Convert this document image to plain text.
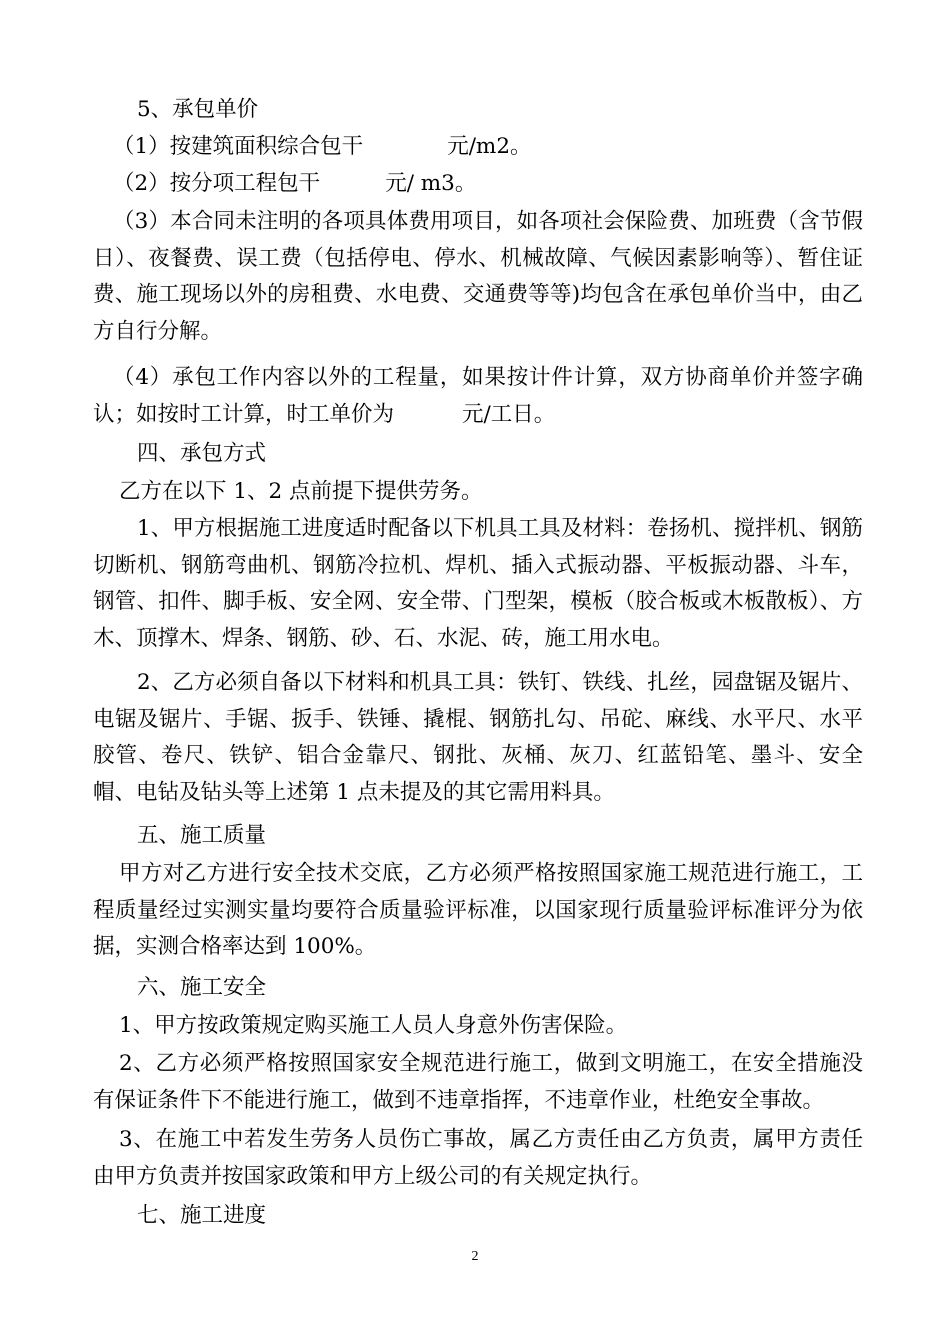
5、承包单价

（1）按建筑面积综合包干	元/m2。

（2）按分项工程包干	元/ m3。

（3）本合同未注明的各项具体费用项目，如各项社会保险费、加班费（含节假日）、夜餐费、误工费（包括停电、停水、机械故障、气候因素影响等）、暂住证费、施工现场以外的房租费、水电费、交通费等等)均包含在承包单价当中，由乙方自行分解。

（4）承包工作内容以外的工程量，如果按计件计算，双方协商单价并签字确认；如按时工计算，时工单价为	元/工日。

四、承包方式

乙方在以下 1、2 点前提下提供劳务。

1、甲方根据施工进度适时配备以下机具工具及材料：卷扬机、搅拌机、钢筋切断机、钢筋弯曲机、钢筋冷拉机、焊机、插入式振动器、平板振动器、斗车，钢管、扣件、脚手板、安全网、安全带、门型架，模板（胶合板或木板散板）、方木、顶撑木、焊条、钢筋、砂、石、水泥、砖，施工用水电。

2、乙方必须自备以下材料和机具工具：铁钉、铁线、扎丝，园盘锯及锯片、电锯及锯片、手锯、扳手、铁锤、撬棍、钢筋扎勾、吊砣、麻线、水平尺、水平胶管、卷尺、铁铲、铝合金靠尺、钢批、灰桶、灰刀、红蓝铅笔、墨斗、安全帽、电钻及钻头等上述第 1 点未提及的其它需用料具。

五、施工质量

甲方对乙方进行安全技术交底，乙方必须严格按照国家施工规范进行施工，工程质量经过实测实量均要符合质量验评标准，以国家现行质量验评标准评分为依据，实测合格率达到 100%。

六、施工安全

1、甲方按政策规定购买施工人员人身意外伤害保险。

2、乙方必须严格按照国家安全规范进行施工，做到文明施工，在安全措施没有保证条件下不能进行施工，做到不违章指挥，不违章作业，杜绝安全事故。

3、在施工中若发生劳务人员伤亡事故，属乙方责任由乙方负责，属甲方责任由甲方负责并按国家政策和甲方上级公司的有关规定执行。

七、施工进度

2
